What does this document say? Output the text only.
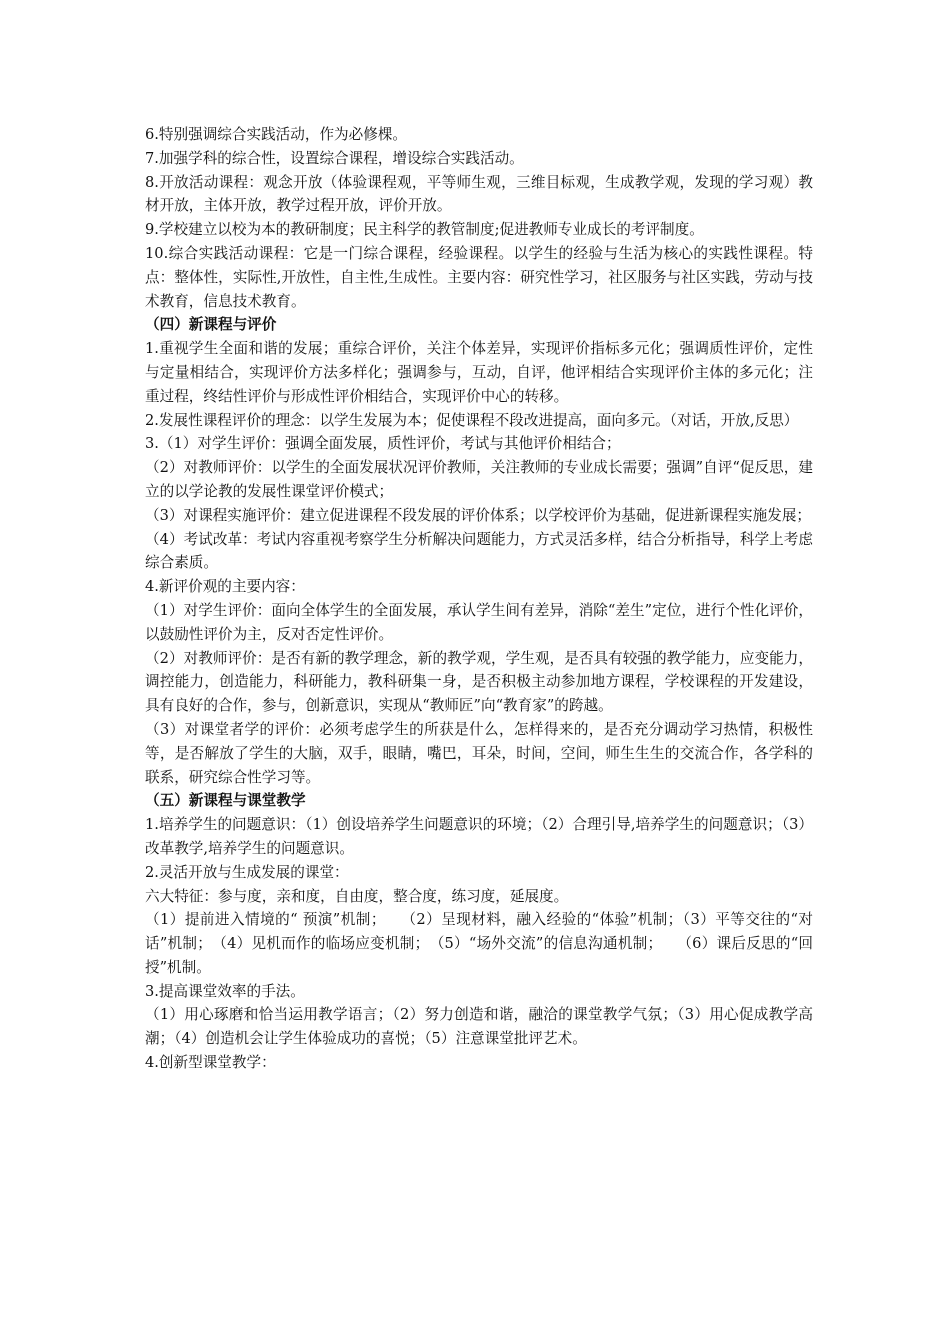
6.特别强调综合实践活动，作为必修棵。

7.加强学科的综合性，设置综合课程，增设综合实践活动。

8.开放活动课程：观念开放（体验课程观，平等师生观，三维目标观，生成教学观，发现的学习观）教材开放，主体开放，教学过程开放，评价开放。

9.学校建立以校为本的教研制度；民主科学的教管制度;促进教师专业成长的考评制度。

10.综合实践活动课程：它是一门综合课程，经验课程。以学生的经验与生活为核心的实践性课程。特点：整体性，实际性,开放性，自主性,生成性。主要内容：研究性学习，社区服务与社区实践，劳动与技术教育，信息技术教育。

（四）新课程与评价

1.重视学生全面和谐的发展；重综合评价，关注个体差异，实现评价指标多元化；强调质性评价，定性与定量相结合，实现评价方法多样化；强调参与，互动，自评，他评相结合实现评价主体的多元化；注重过程，终结性评价与形成性评价相结合，实现评价中心的转移。

2.发展性课程评价的理念：以学生发展为本；促使课程不段改进提高，面向多元。（对话，开放,反思）

3.（1）对学生评价：强调全面发展，质性评价，考试与其他评价相结合；

（2）对教师评价：以学生的全面发展状况评价教师，关注教师的专业成长需要；强调”自评“促反思，建立的以学论教的发展性课堂评价模式；

（3）对课程实施评价：建立促进课程不段发展的评价体系；以学校评价为基础，促进新课程实施发展；

（4）考试改革：考试内容重视考察学生分析解决问题能力，方式灵活多样，结合分析指导，科学上考虑综合素质。

4.新评价观的主要内容：

（1）对学生评价：面向全体学生的全面发展，承认学生间有差异，消除“差生”定位，进行个性化评价，以鼓励性评价为主，反对否定性评价。

（2）对教师评价：是否有新的教学理念，新的教学观，学生观，是否具有较强的教学能力，应变能力，调控能力，创造能力，科研能力，教科研集一身，是否积极主动参加地方课程，学校课程的开发建设，具有良好的合作，参与，创新意识，实现从“教师匠”向“教育家”的跨越。

（3）对课堂者学的评价：必须考虑学生的所获是什么，怎样得来的，是否充分调动学习热情，积极性等，是否解放了学生的大脑，双手，眼睛，嘴巴，耳朵，时间，空间，师生生生的交流合作，各学科的联系，研究综合性学习等。

（五）新课程与课堂教学

1.培养学生的问题意识：（1）创设培养学生问题意识的环境；（2）合理引导,培养学生的问题意识；（3）改革教学,培养学生的问题意识。

2.灵活开放与生成发展的课堂：

六大特征：参与度，亲和度，自由度，整合度，练习度，延展度。

（1）提前进入情境的“ 预演”机制；　　（2）呈现材料，融入经验的“体验”机制；（3）平等交往的“对话”机制；　（4）见机而作的临场应变机制；　（5）“场外交流”的信息沟通机制；　　（6）课后反思的“回授”机制。

3.提高课堂效率的手法。

（1）用心琢磨和恰当运用教学语言；（2）努力创造和谐，融洽的课堂教学气氛；（3）用心促成教学高潮；（4）创造机会让学生体验成功的喜悦；（5）注意课堂批评艺术。

4.创新型课堂教学：
